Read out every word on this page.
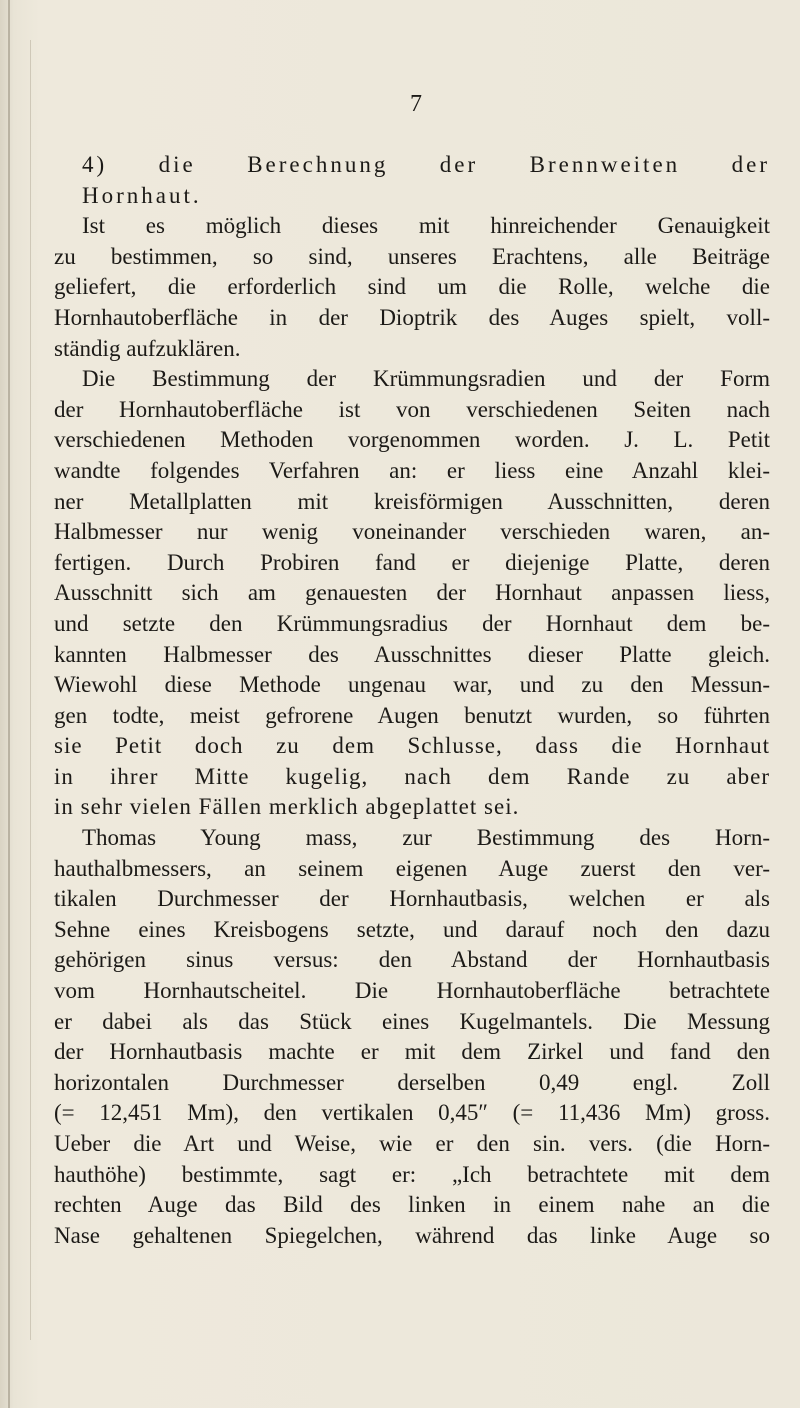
7
4) die Berechnung der Brennweiten der
Hornhaut.
Ist es möglich dieses mit hinreichender Genauigkeit
zu bestimmen, so sind, unseres Erachtens, alle Beiträge
geliefert, die erforderlich sind um die Rolle, welche die
Hornhautoberfläche in der Dioptrik des Auges spielt, voll-
ständig aufzuklären.
Die Bestimmung der Krümmungsradien und der Form
der Hornhautoberfläche ist von verschiedenen Seiten nach
verschiedenen Methoden vorgenommen worden. J. L. Petit
wandte folgendes Verfahren an: er liess eine Anzahl klei-
ner Metallplatten mit kreisförmigen Ausschnitten, deren
Halbmesser nur wenig voneinander verschieden waren, an-
fertigen. Durch Probiren fand er diejenige Platte, deren
Ausschnitt sich am genauesten der Hornhaut anpassen liess,
und setzte den Krümmungsradius der Hornhaut dem be-
kannten Halbmesser des Ausschnittes dieser Platte gleich.
Wiewohl diese Methode ungenau war, und zu den Messun-
gen todte, meist gefrorene Augen benutzt wurden, so führten
sie Petit doch zu dem Schlusse, dass die Hornhaut
in ihrer Mitte kugelig, nach dem Rande zu aber
in sehr vielen Fällen merklich abgeplattet sei.
Thomas Young mass, zur Bestimmung des Horn-
hauthalbmessers, an seinem eigenen Auge zuerst den ver-
tikalen Durchmesser der Hornhautbasis, welchen er als
Sehne eines Kreisbogens setzte, und darauf noch den dazu
gehörigen sinus versus: den Abstand der Hornhautbasis
vom Hornhautscheitel. Die Hornhautoberfläche betrachtete
er dabei als das Stück eines Kugelmantels. Die Messung
der Hornhautbasis machte er mit dem Zirkel und fand den
horizontalen Durchmesser derselben 0,49 engl. Zoll
(= 12,451 Mm), den vertikalen 0,45″ (= 11,436 Mm) gross.
Ueber die Art und Weise, wie er den sin. vers. (die Horn-
hauthöhe) bestimmte, sagt er: „Ich betrachtete mit dem
rechten Auge das Bild des linken in einem nahe an die
Nase gehaltenen Spiegelchen, während das linke Auge so
